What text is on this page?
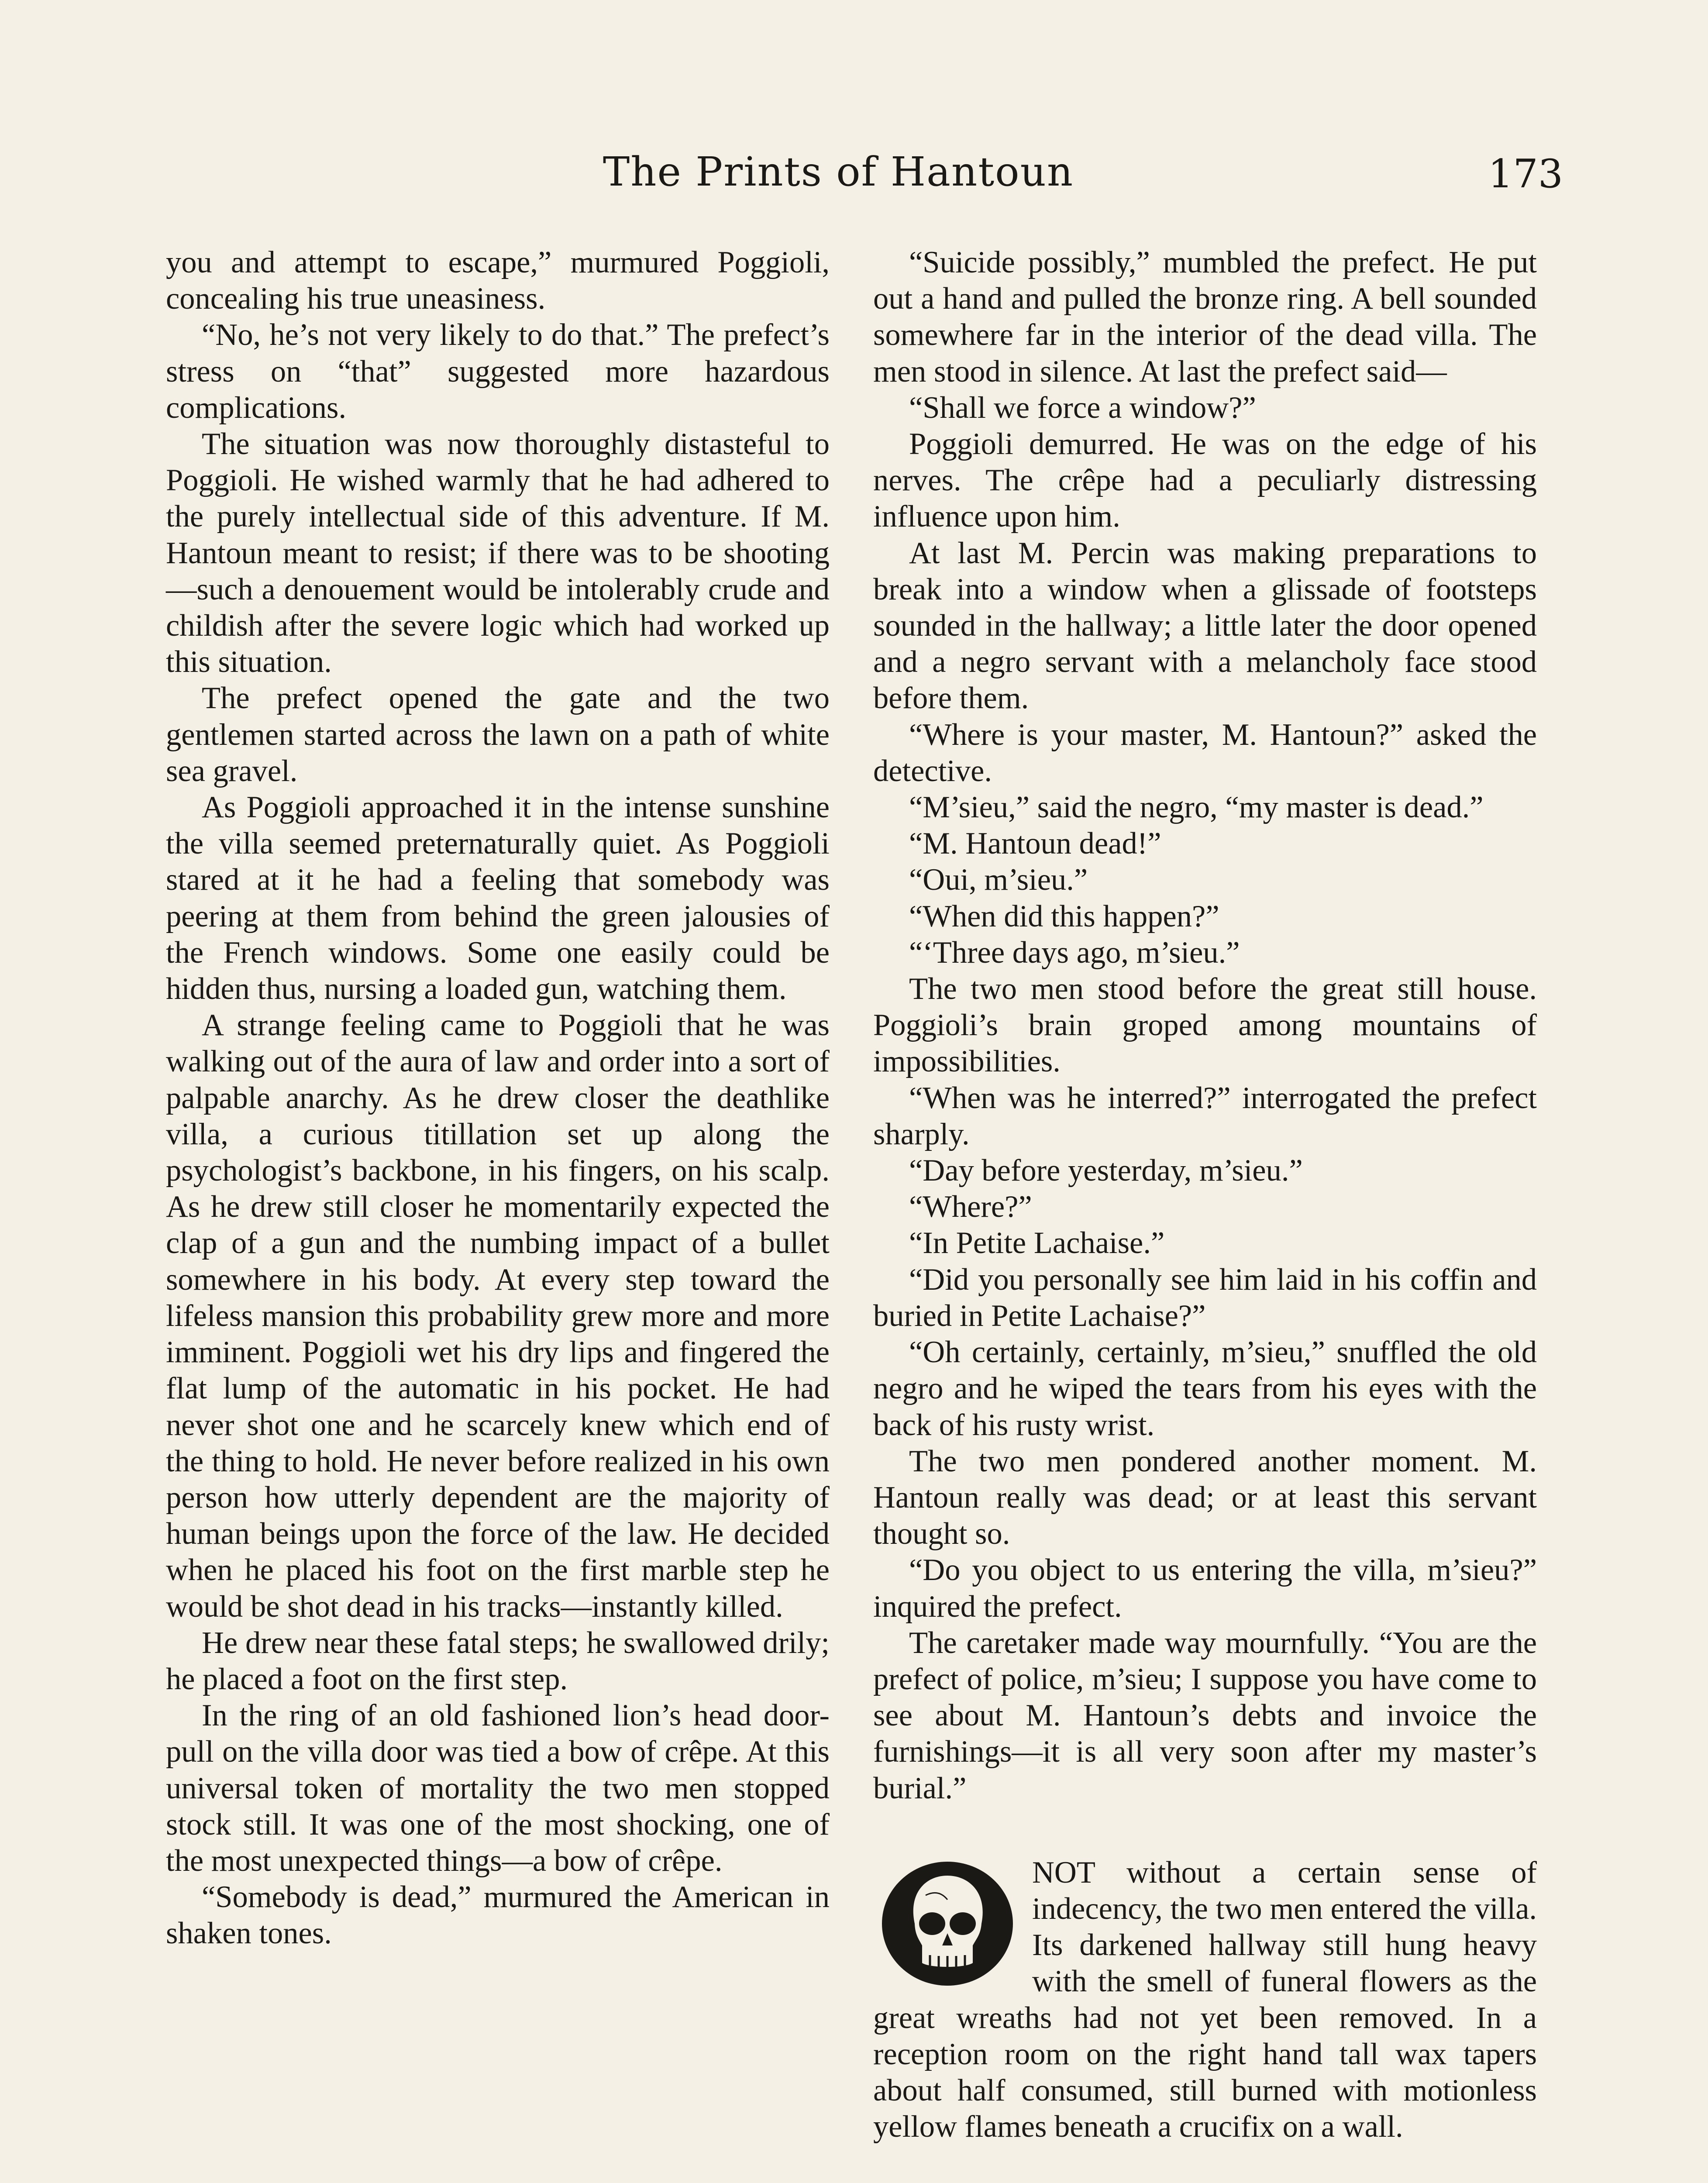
The Prints of Hantoun	173

you and attempt to escape,” murmured Poggioli, concealing his true uneasiness.

“No, he’s not very likely to do that.” The prefect’s stress on “that” suggested more hazardous complications.

The situation was now thoroughly distasteful to Poggioli. He wished warmly that he had adhered to the purely intellectual side of this adventure. If M. Hantoun meant to resist; if there was to be shooting—such a denouement would be intolerably crude and childish after the severe logic which had worked up this situation.

The prefect opened the gate and the two gentlemen started across the lawn on a path of white sea gravel.

As Poggioli approached it in the intense sunshine the villa seemed preternaturally quiet. As Poggioli stared at it he had a feeling that somebody was peering at them from behind the green jalousies of the French windows. Some one easily could be hidden thus, nursing a loaded gun, watching them.

A strange feeling came to Poggioli that he was walking out of the aura of law and order into a sort of palpable anarchy. As he drew closer the deathlike villa, a curious titillation set up along the psychologist’s backbone, in his fingers, on his scalp. As he drew still closer he momentarily expected the clap of a gun and the numbing impact of a bullet somewhere in his body. At every step toward the lifeless mansion this probability grew more and more imminent. Poggioli wet his dry lips and fingered the flat lump of the automatic in his pocket. He had never shot one and he scarcely knew which end of the thing to hold. He never before realized in his own person how utterly dependent are the majority of human beings upon the force of the law. He decided when he placed his foot on the first marble step he would be shot dead in his tracks—instantly killed.

He drew near these fatal steps; he swallowed drily; he placed a foot on the first step.

In the ring of an old fashioned lion’s head door-pull on the villa door was tied a bow of crêpe. At this universal token of mortality the two men stopped stock still. It was one of the most shocking, one of the most unexpected things—a bow of crêpe.

“Somebody is dead,” murmured the American in shaken tones.

“Suicide possibly,” mumbled the prefect. He put out a hand and pulled the bronze ring. A bell sounded somewhere far in the interior of the dead villa. The men stood in silence. At last the prefect said—

“Shall we force a window?”

Poggioli demurred. He was on the edge of his nerves. The crêpe had a peculiarly distressing influence upon him.

At last M. Percin was making preparations to break into a window when a glissade of footsteps sounded in the hallway; a little later the door opened and a negro servant with a melancholy face stood before them.

“Where is your master, M. Hantoun?” asked the detective.

“M’sieu,” said the negro, “my master is dead.”

“M. Hantoun dead!”

“Oui, m’sieu.”

“When did this happen?”

“‘Three days ago, m’sieu.”

The two men stood before the great still house. Poggioli’s brain groped among mountains of impossibilities.

“When was he interred?” interrogated the prefect sharply.

“Day before yesterday, m’sieu.”

“Where?”

“In Petite Lachaise.”

“Did you personally see him laid in his coffin and buried in Petite Lachaise?”

“Oh certainly, certainly, m’sieu,” snuffled the old negro and he wiped the tears from his eyes with the back of his rusty wrist.

The two men pondered another moment. M. Hantoun really was dead; or at least this servant thought so.

“Do you object to us entering the villa, m’sieu?” inquired the prefect.

The caretaker made way mournfully. “You are the prefect of police, m’sieu; I suppose you have come to see about M. Hantoun’s debts and invoice the furnishings—it is all very soon after my master’s burial.”

NOT without a certain sense of indecency, the two men entered the villa. Its darkened hallway still hung heavy with the smell of funeral flowers as the great wreaths had not yet been removed. In a reception room on the right hand tall wax tapers about half consumed, still burned with motionless yellow flames beneath a crucifix on a wall.
